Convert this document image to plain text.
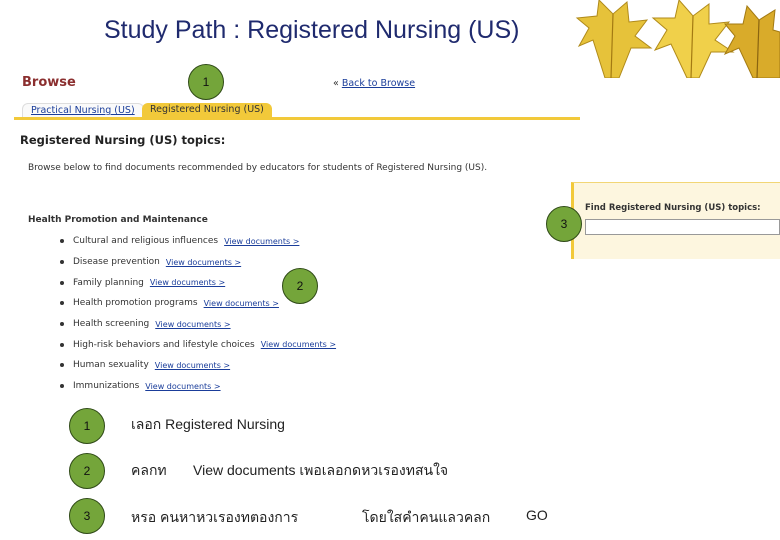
Study Path : Registered Nursing (US)
Browse	« Back to Browse
Practical Nursing (US)	Registered Nursing (US)
Registered Nursing (US) topics:
Browse below to find documents recommended by educators for students of Registered Nursing (US).
Health Promotion and Maintenance
Cultural and religious influences View documents >
Disease prevention View documents >
Family planning View documents >
Health promotion programs View documents >
Health screening View documents >
High-risk behaviors and lifestyle choices View documents >
Human sexuality View documents >
Immunizations View documents >
Find Registered Nursing (US) topics:
1
2
3
1	เลอก Registered Nursing
2	คลกท View documents เพอเลอกดหวเรองทสนใจ
3	หรอ คนหาหวเรองทตองการ	โดยใสคำคนแลวคลก	GO
